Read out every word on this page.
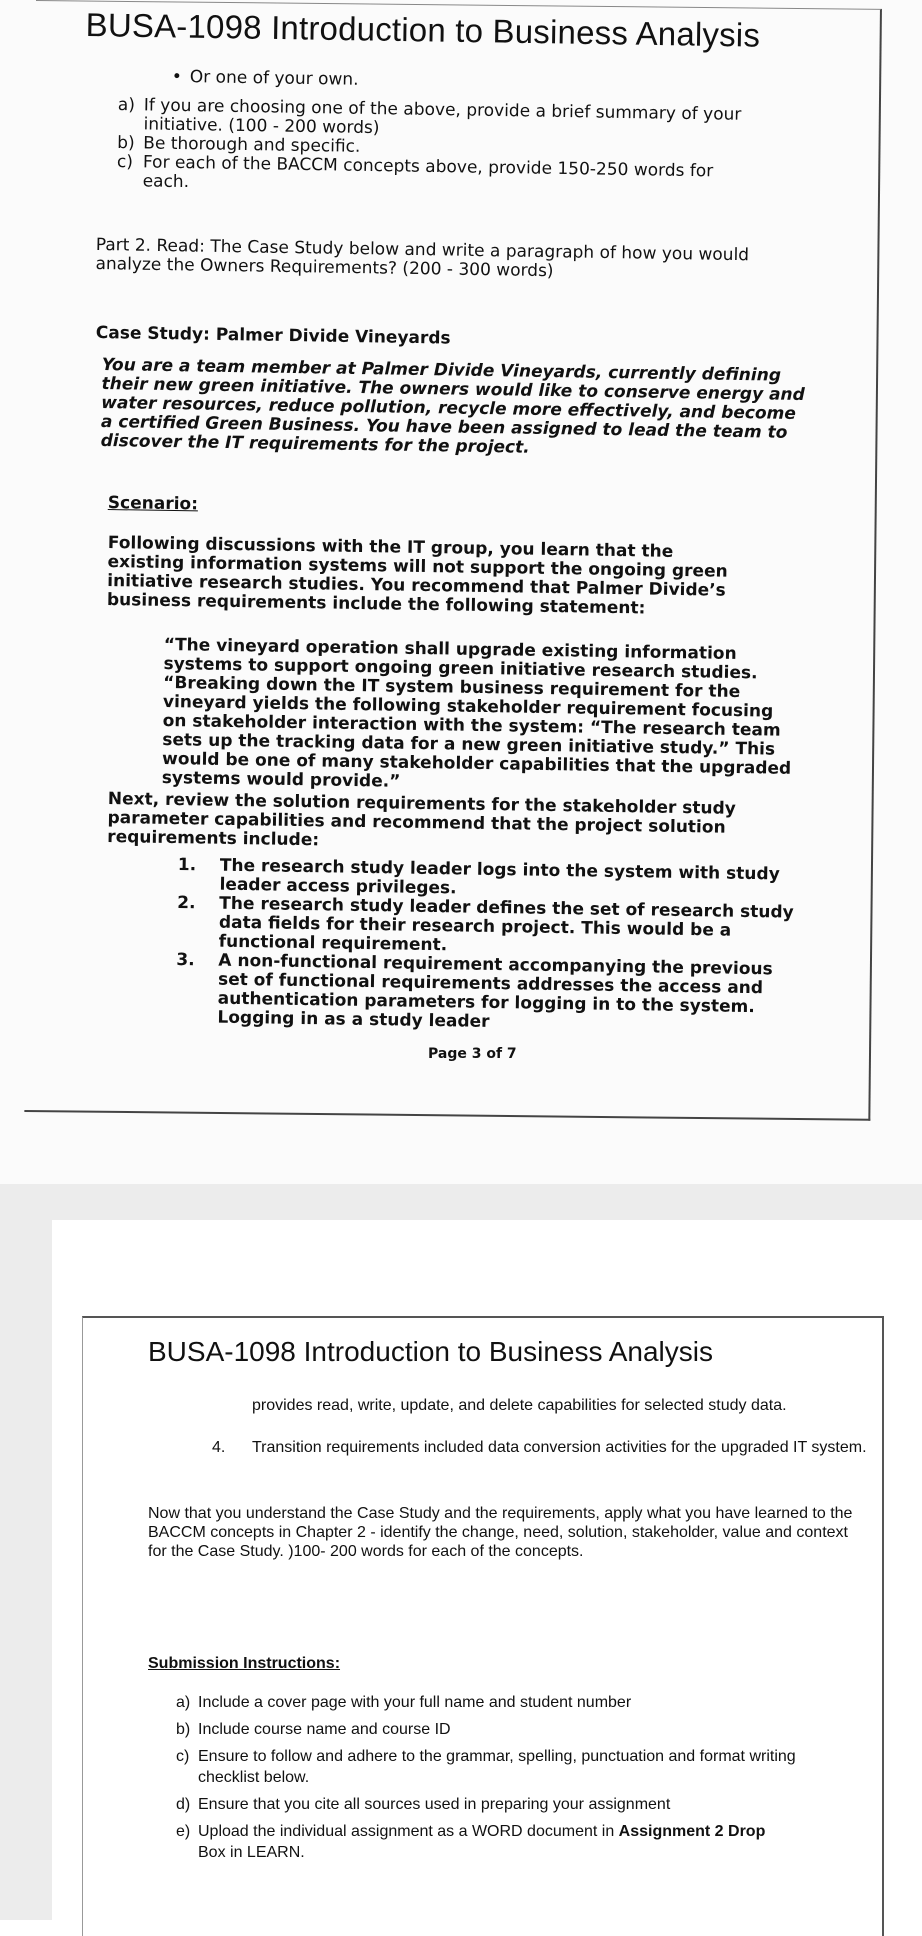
BUSA-1098 Introduction to Business Analysis
• Or one of your own.
a) If you are choosing one of the above, provide a brief summary of your initiative. (100 - 200 words)
b) Be thorough and specific.
c) For each of the BACCM concepts above, provide 150-250 words for each.
Part 2. Read: The Case Study below and write a paragraph of how you would analyze the Owners Requirements? (200 - 300 words)
Case Study: Palmer Divide Vineyards
You are a team member at Palmer Divide Vineyards, currently defining their new green initiative. The owners would like to conserve energy and water resources, reduce pollution, recycle more effectively, and become a certified Green Business. You have been assigned to lead the team to discover the IT requirements for the project.
Scenario:
Following discussions with the IT group, you learn that the existing information systems will not support the ongoing green initiative research studies. You recommend that Palmer Divide’s business requirements include the following statement:
“The vineyard operation shall upgrade existing information systems to support ongoing green initiative research studies. “Breaking down the IT system business requirement for the vineyard yields the following stakeholder requirement focusing on stakeholder interaction with the system: “The research team sets up the tracking data for a new green initiative study.” This would be one of many stakeholder capabilities that the upgraded systems would provide.”
Next, review the solution requirements for the stakeholder study parameter capabilities and recommend that the project solution requirements include:
1. The research study leader logs into the system with study leader access privileges.
2. The research study leader defines the set of research study data fields for their research project. This would be a functional requirement.
3. A non-functional requirement accompanying the previous set of functional requirements addresses the access and authentication parameters for logging in to the system. Logging in as a study leader
Page 3 of 7
BUSA-1098 Introduction to Business Analysis
provides read, write, update, and delete capabilities for selected study data.
4. Transition requirements included data conversion activities for the upgraded IT system.
Now that you understand the Case Study and the requirements, apply what you have learned to the BACCM concepts in Chapter 2 - identify the change, need, solution, stakeholder, value and context for the Case Study. )100- 200 words for each of the concepts.
Submission Instructions:
a) Include a cover page with your full name and student number
b) Include course name and course ID
c) Ensure to follow and adhere to the grammar, spelling, punctuation and format writing checklist below.
d) Ensure that you cite all sources used in preparing your assignment
e) Upload the individual assignment as a WORD document in Assignment 2 Drop
Box in LEARN.
